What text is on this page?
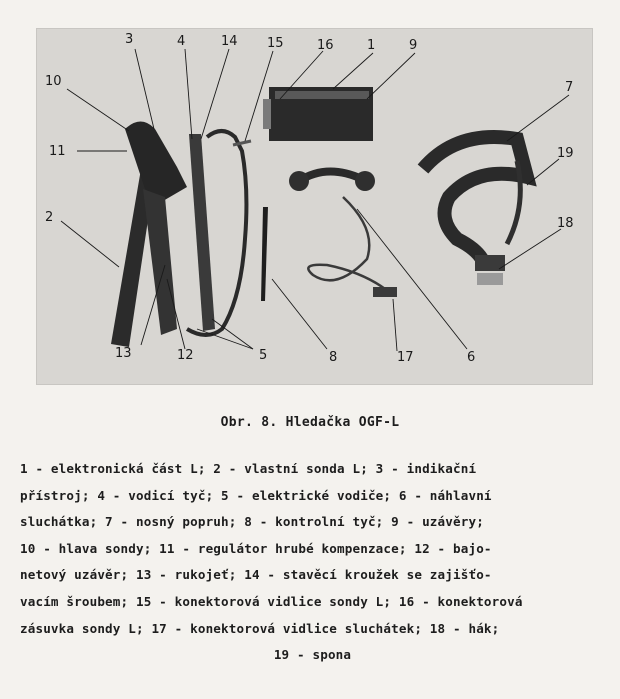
3	4	14 15	16	1	9
10
11
2
7
19
18
13	12	5	8	17	6
Obr. 8. Hledačka OGF-L
1 - elektronická část L; 2 - vlastní sonda L; 3 - indikační
přístroj; 4 - vodicí tyč; 5 - elektrické vodiče; 6 - náhlavní
sluchátka; 7 - nosný popruh; 8 - kontrolní tyč; 9 - uzávěry;
10 - hlava sondy; 11 - regulátor hrubé kompenzace; 12 - bajo-
netový uzávěr; 13 - rukojeť; 14 - stavěcí kroužek se zajišťo-
vacím šroubem; 15 - konektorová vidlice sondy L; 16 - konektorová
zásuvka sondy L; 17 - konektorová vidlice sluchátek; 18 - hák;
19 - spona
